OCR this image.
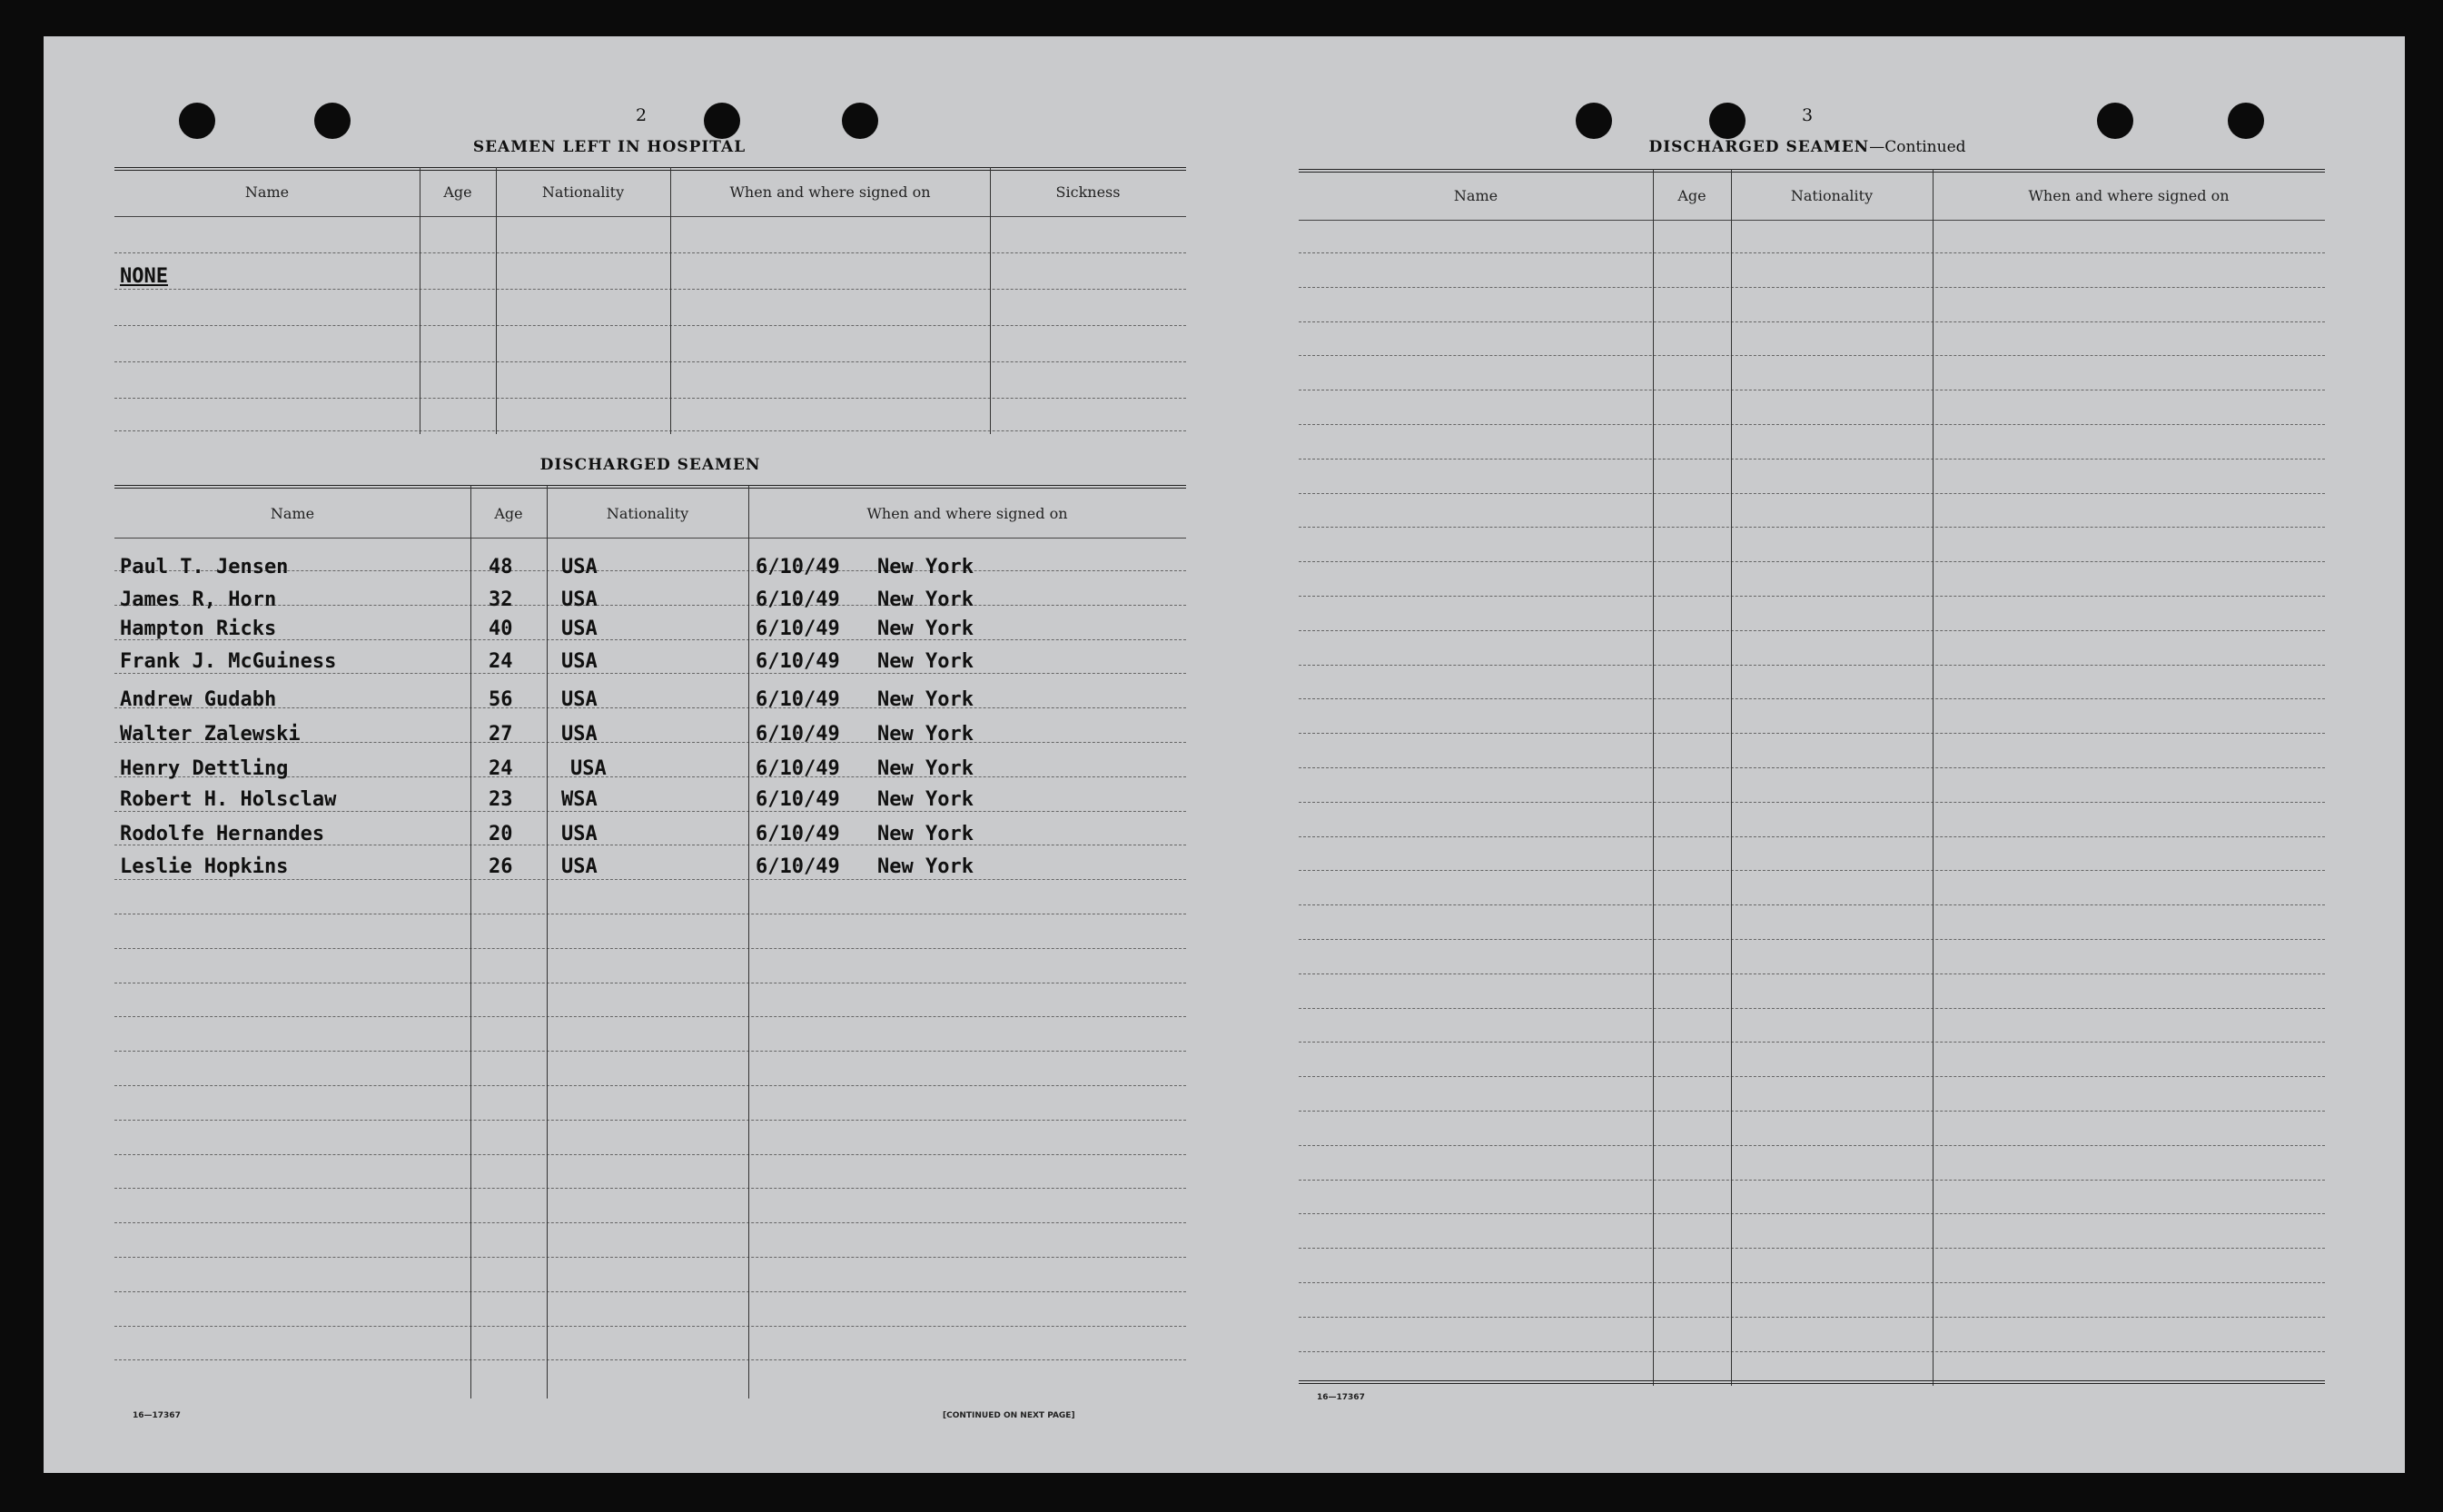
2
SEAMEN LEFT IN HOSPITAL
Name	Age	Nationality	When and where signed on	Sickness
NONE
DISCHARGED SEAMEN
Name	Age	Nationality	When and where signed on
Paul T. Jensen	48 USA	6/10/49 New York
James R, Horn	32 USA	6/10/49 New York
Hampton Ricks	40 USA	6/10/49 New York
Frank J. McGuiness	24 USA	6/10/49 New York
Andrew Gudabh	56 USA	6/10/49 New York
Walter Zalewski	27 USA	6/10/49 New York
Henry Dettling	24	USA	6/10/49 New York
Robert H. Holsclaw	23 WSA	6/10/49 New York
Rodolfe Hernandes	20 USA	6/10/49 New York
Leslie Hopkins	26 USA	6/10/49 New York
16—17367	[CONTINUED ON NEXT PAGE]
3
DISCHARGED SEAMEN—Continued
Name	Age	Nationality	When and where signed on
16—17367
